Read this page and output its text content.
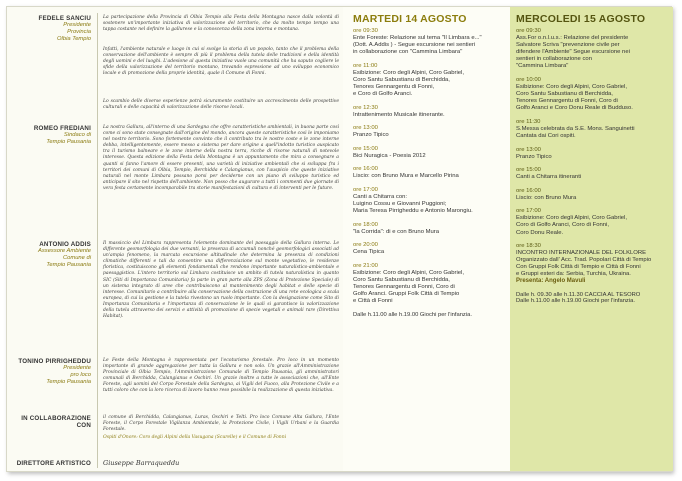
FEDELE SANCIU
Presidente
Provincia
Olbia Tempio
ROMEO FREDIANI
Sindaco di
Tempio Pausania
ANTONIO ADDIS
Assessore Ambiente
Comune di
Tempio Pausania
TONINO PIRRIGHEDDU
Presidente
pro loco
Tempio Pausania
IN COLLABORAZIONE CON
DIRETTORE ARTISTICO
La partecipazione della Provincia di Olbia Tempio alla Festa della Montagna nasce dalla volontà di sostenere un'importante iniziativa di valorizzazione del territorio, che da molto tempo tempo una tappa costante nel definire la gallurese e la conoscenza della zona interna e montana.
Infatti, l'ambiente naturale e luogo in cui si svolge la storia di un popolo, tanto che il problema della conservazione dell'ambiente è sempre di più il problema della tutela delle tradizioni e della identità degli uomini e del luoghi. L'adesione al questa iniziativa vuole una comunità che ha saputo cogliere le sfide della valorizzazione del territorio montano, trovando espressione ad uno sviluppo economico locale e di promozione della proprie identità, quale il Comune di Fonni.
Lo scambio delle diverse esperienze potrà sicuramente costituire un accrescimento delle prospettive culturali e delle capacità di valorizzazione delle risorse locali.
La nostra Gallura, all'interno di una Sardegna che offre caratteristiche ambientali, in buona parte così come ci sono state consegnate dall'origine del mondo, ancora queste caratteristiche così le imponiamo nel nostro territorio. Sono fortemente convinto che il contributo tra le nostre coste e le zone interne debba, intelligentemente, essere messo a sistema per dare origine a quell'indotto turistico auspicato tra il turismo balneare e le zone interne della nostra terra, ricche di risorse naturali di notevole interesse. Questa edizione della Festa della Montagna è un appuntamento che mira a consegnare a quanti si fanno l'amore di essere presenti, una varietà di iniziative ambientali che si sviluppa fra i territori dei comuni di Olbia, Tempio, Berchidda e Calangianus, con l'auspicio che queste iniziative naturali nel monte Limbara possano porsi per deciderne con un piano di sviluppo turistico ed anticipare il sito nel rispetto dell'ambiente. Non posso che augurare a tutti i commenti due giornate di vera festa certamente incomparabile tra storie manifestazioni di cultura e di interventi per le future.
Il massiccio del Limbara rappresenta l'elemento dominante del paesaggio della Gallura interna. Le differente geomorfologia dei due versanti, la presenza di accumuli nonché geomorfologici associati ad un'ampia fenomeno, la marcata escursione altitudinale che determina la presenza di condizioni climatiche differenti e tali da consentire una differenziazione sul monte vegetativo, le residenze floristica, costituiscono gli elementi fondamentali che rendono importante naturalistico-ambientale e paesaggistico. L'intero territorio sul Limbara costituisce un ambito di tutela naturalistica in quanto SIC (Siti di Importanza Comunitaria) fa parte in gran parte alla ZPS (Zona di Protezione Speciale) di un sistema integrato di aree che contribuiscono al mantenimento degli habitat e delle specie di interesse. Comunitario a contribuire alla conservazione della costruzione di una rete ecologica a scala europea, di cui la gestione e la tutela rivestono un ruolo importante. Con la designazione come Sito di Importanza Comunitaria e l'importanza di conservazione le le quali si garantisce la valorizzazione della tutela attraverso dei servizi e attività di promozione di specie vegetali e animali rare (Direttiva Habitat).
Le Feste della Montagna è rappresentata per l'ecoturismo forestale. Pro loco in un momento importante di grande aggregazione per tutta la Gallura e non solo. Un grazie all'Amministrazione Provinciale di Olbia Tempio, l'Amministrazione Comunale di Tempio Pausania, gli amministratori comunali di Berchidda, Calangianus e Oschiri. Un grazie inoltre a tutte le associazioni che, all'Ente Foreste, agli uomini del Corpo Forestale della Sardegna, ai Vigili del Fuoco, alla Protezione Civile e a tutti coloro che con la loro ricerca di lavoro hanno reso possibile la realizzazione di questa iniziativa.
il comune di Berchidda, Calangianus, Luras, Oschiri e Telti. Pro loco Comune Alta Gallura, l'Ente Foreste, il Corpo Forestale Vigilanza Ambientale, la Protezione Civile, i Vigili Urbani e la Guardia Forestale.
Ospiti d'Onore: Coro degli Alpini della Vasugana (Scurelle) e il Comune di Fonni
Giuseppe Barraqueddu
MARTEDI 14 AGOSTO
ore 09:30
Ente Foreste: Relazione sul tema "Il Limbara e..."
(Dott. A.Addis ) - Segue escursione nei sentieri
in collaborazione con "Cammina Limbara"
ore 11:00
Esibizione: Coro degli Alpini, Coro Gabriel,
Coro Santu Sabustianu di Berchidda,
Tenores Gennargentu di Fonni,
e Coro di Golfo Aranci.
ore 12:30
Intrattenimento Musicale itinerante.
ore 13:00
Pranzo Tipico
ore 15:00
Bici Nuragica - Poesia 2012
ore 16:00
Liscio: con Bruno Mura e Marcello Pirina
ore 17:00
Canti a Chitarra con:
Luigino Cossu e Giovanni Puggioni;
Maria Teresa Pirrigheddu e Antonio Marongiu.
ore 18:00
"la Corrida": di e con Bruno Mura
ore 20:00
Cena Tipica
ore 21:00
Esibizione: Coro degli Alpini, Coro Gabriel,
Coro Santu Sabustianu di Berchidda,
Tenores Gennargentu di Fonni, Coro di
Golfo Aranci. Gruppi Folk Città di Tempio
e Città di Fonni
Dalle h.11.00 alle h.19.00 Giochi per l'infanzia.
MERCOLEDI 15 AGOSTO
ore 09:30
Ass.For o.n.l.u.s.: Relazione del presidente
Salvatore Scriva "prevenzione civile per
difendere l'Ambiente" Segue escursione nei
sentieri in collaborazione con
"Cammina Limbara"
ore 10:00
Esibizione: Coro degli Alpini, Coro Gabriel,
Coro Santu Sabustianu di Berchidda,
Tenores Gennargentu di Fonni, Coro di
Golfo Aranci e Coro Donu Reale di Budduso.
ore 11:30
S.Messa celebrata da S.E. Mons. Sanguinetti
Cantata dai Cori ospiti.
ore 13:00
Pranzo Tipico
ore 15:00
Canti a Chitarra itineranti
ore 16:00
Liscio: con Bruno Mura
ore 17:00
Esibizione: Coro degli Alpini, Coro Gabriel,
Coro di Golfo Aranci, Coro di Fonni,
Coro Donu Reale.
ore 18:30
INCONTRO INTERNAZIONALE DEL FOLKLORE
Organizzato dall' Acc. Trad. Popolari Città di Tempio
Con Gruppi Folk Città di Tempio e Città di Fonni
e Gruppi esteri da: Serbia, Turchia, Ukraina.
Presenta: Angelo Mavuli
Dalle h. 09.30 alle h.11.30 CACCIA AL TESORO
Dalle h.11.00 alle h.19.00 Giochi per l'infanzia.
